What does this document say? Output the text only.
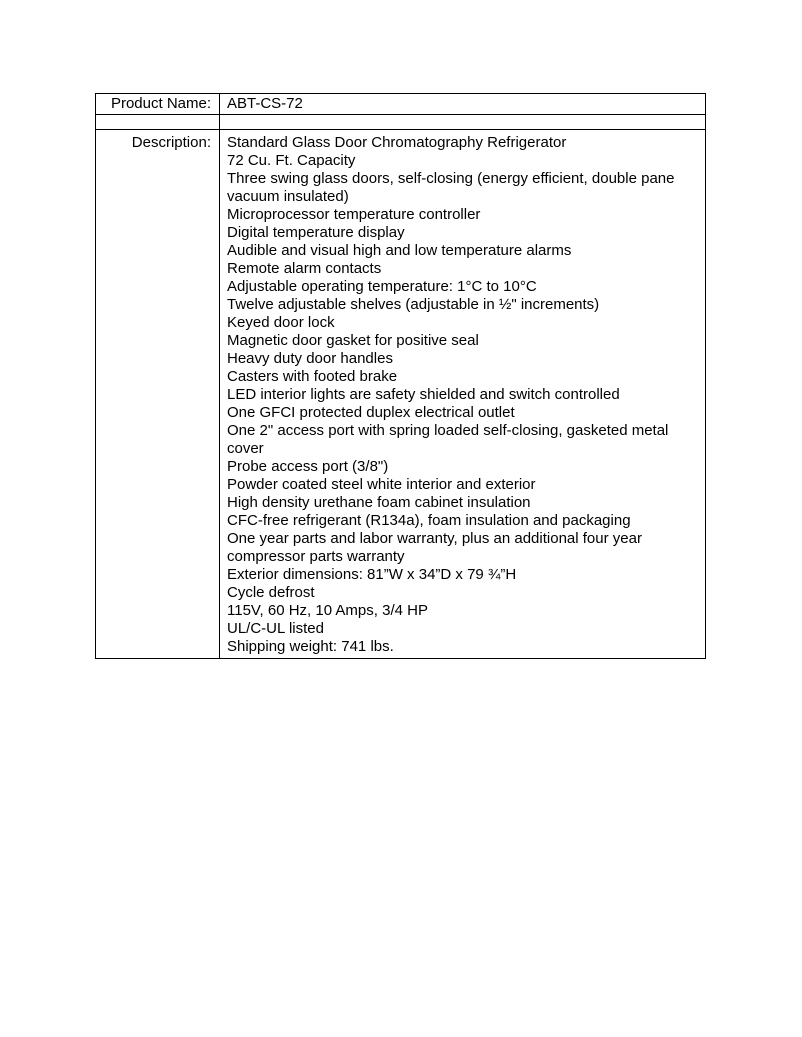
Product Name:	ABT-CS-72
Description:	Standard Glass Door Chromatography Refrigerator
72 Cu. Ft. Capacity
Three swing glass doors, self-closing (energy efficient, double pane vacuum insulated)
Microprocessor temperature controller
Digital temperature display
Audible and visual high and low temperature alarms
Remote alarm contacts
Adjustable operating temperature: 1°C to 10°C
Twelve adjustable shelves (adjustable in ½" increments)
Keyed door lock
Magnetic door gasket for positive seal
Heavy duty door handles
Casters with footed brake
LED interior lights are safety shielded and switch controlled
One GFCI protected duplex electrical outlet
One 2" access port with spring loaded self-closing, gasketed metal cover
Probe access port (3/8")
Powder coated steel white interior and exterior
High density urethane foam cabinet insulation
CFC-free refrigerant (R134a), foam insulation and packaging
One year parts and labor warranty, plus an additional four year compressor parts warranty
Exterior dimensions: 81”W x 34”D x 79 ¾”H
Cycle defrost
115V, 60 Hz, 10 Amps, 3/4 HP
UL/C-UL listed
Shipping weight: 741 lbs.
